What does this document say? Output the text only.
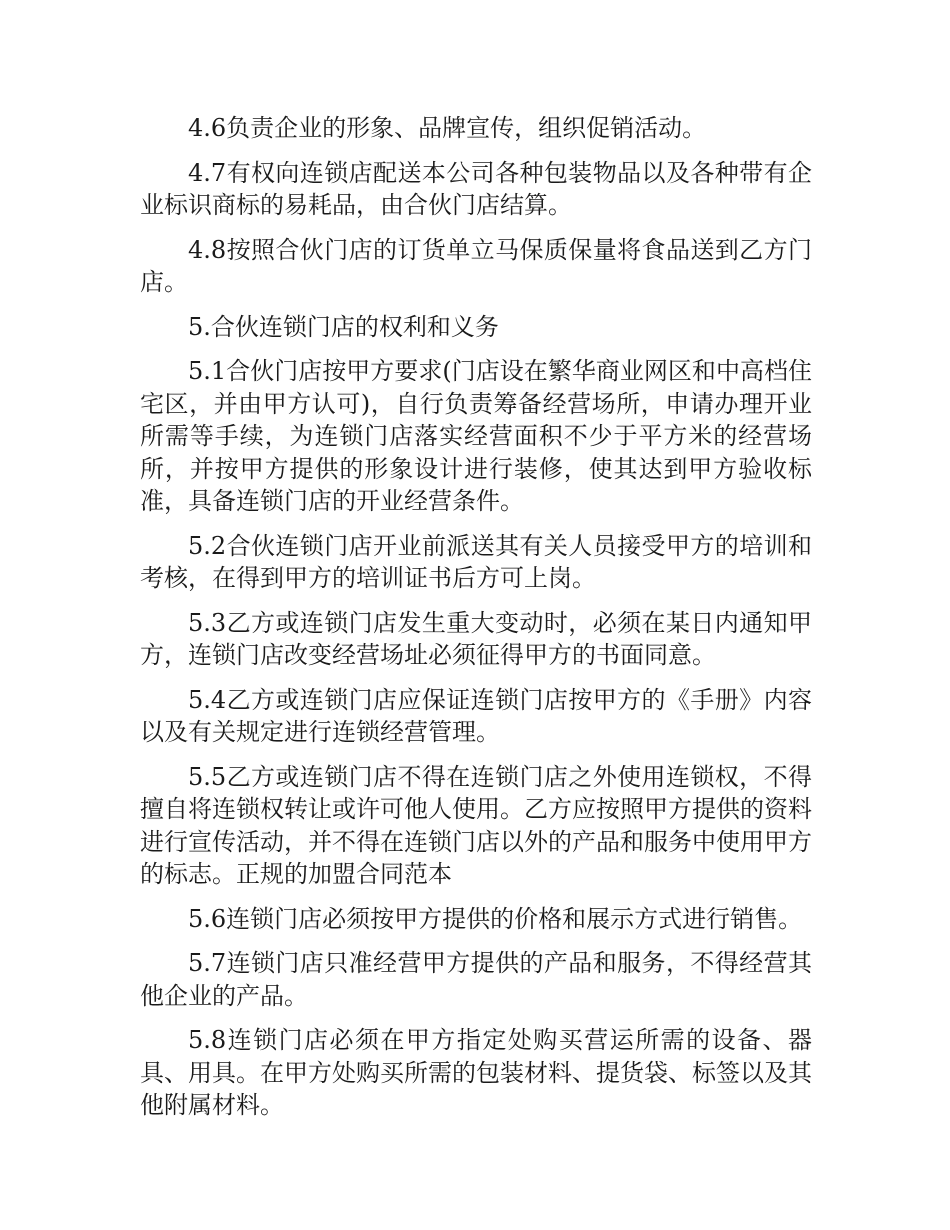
4.6负责企业的形象、品牌宣传，组织促销活动。

4.7有权向连锁店配送本公司各种包装物品以及各种带有企业标识商标的易耗品，由合伙门店结算。

4.8按照合伙门店的订货单立马保质保量将食品送到乙方门店。

5.合伙连锁门店的权利和义务

5.1合伙门店按甲方要求(门店设在繁华商业网区和中高档住宅区，并由甲方认可)，自行负责筹备经营场所，申请办理开业所需等手续，为连锁门店落实经营面积不少于平方米的经营场所，并按甲方提供的形象设计进行装修，使其达到甲方验收标准，具备连锁门店的开业经营条件。

5.2合伙连锁门店开业前派送其有关人员接受甲方的培训和考核，在得到甲方的培训证书后方可上岗。

5.3乙方或连锁门店发生重大变动时，必须在某日内通知甲方，连锁门店改变经营场址必须征得甲方的书面同意。

5.4乙方或连锁门店应保证连锁门店按甲方的《手册》内容以及有关规定进行连锁经营管理。

5.5乙方或连锁门店不得在连锁门店之外使用连锁权，不得擅自将连锁权转让或许可他人使用。乙方应按照甲方提供的资料进行宣传活动，并不得在连锁门店以外的产品和服务中使用甲方的标志。正规的加盟合同范本

5.6连锁门店必须按甲方提供的价格和展示方式进行销售。

5.7连锁门店只准经营甲方提供的产品和服务，不得经营其他企业的产品。

5.8连锁门店必须在甲方指定处购买营运所需的设备、器具、用具。在甲方处购买所需的包装材料、提货袋、标签以及其他附属材料。
